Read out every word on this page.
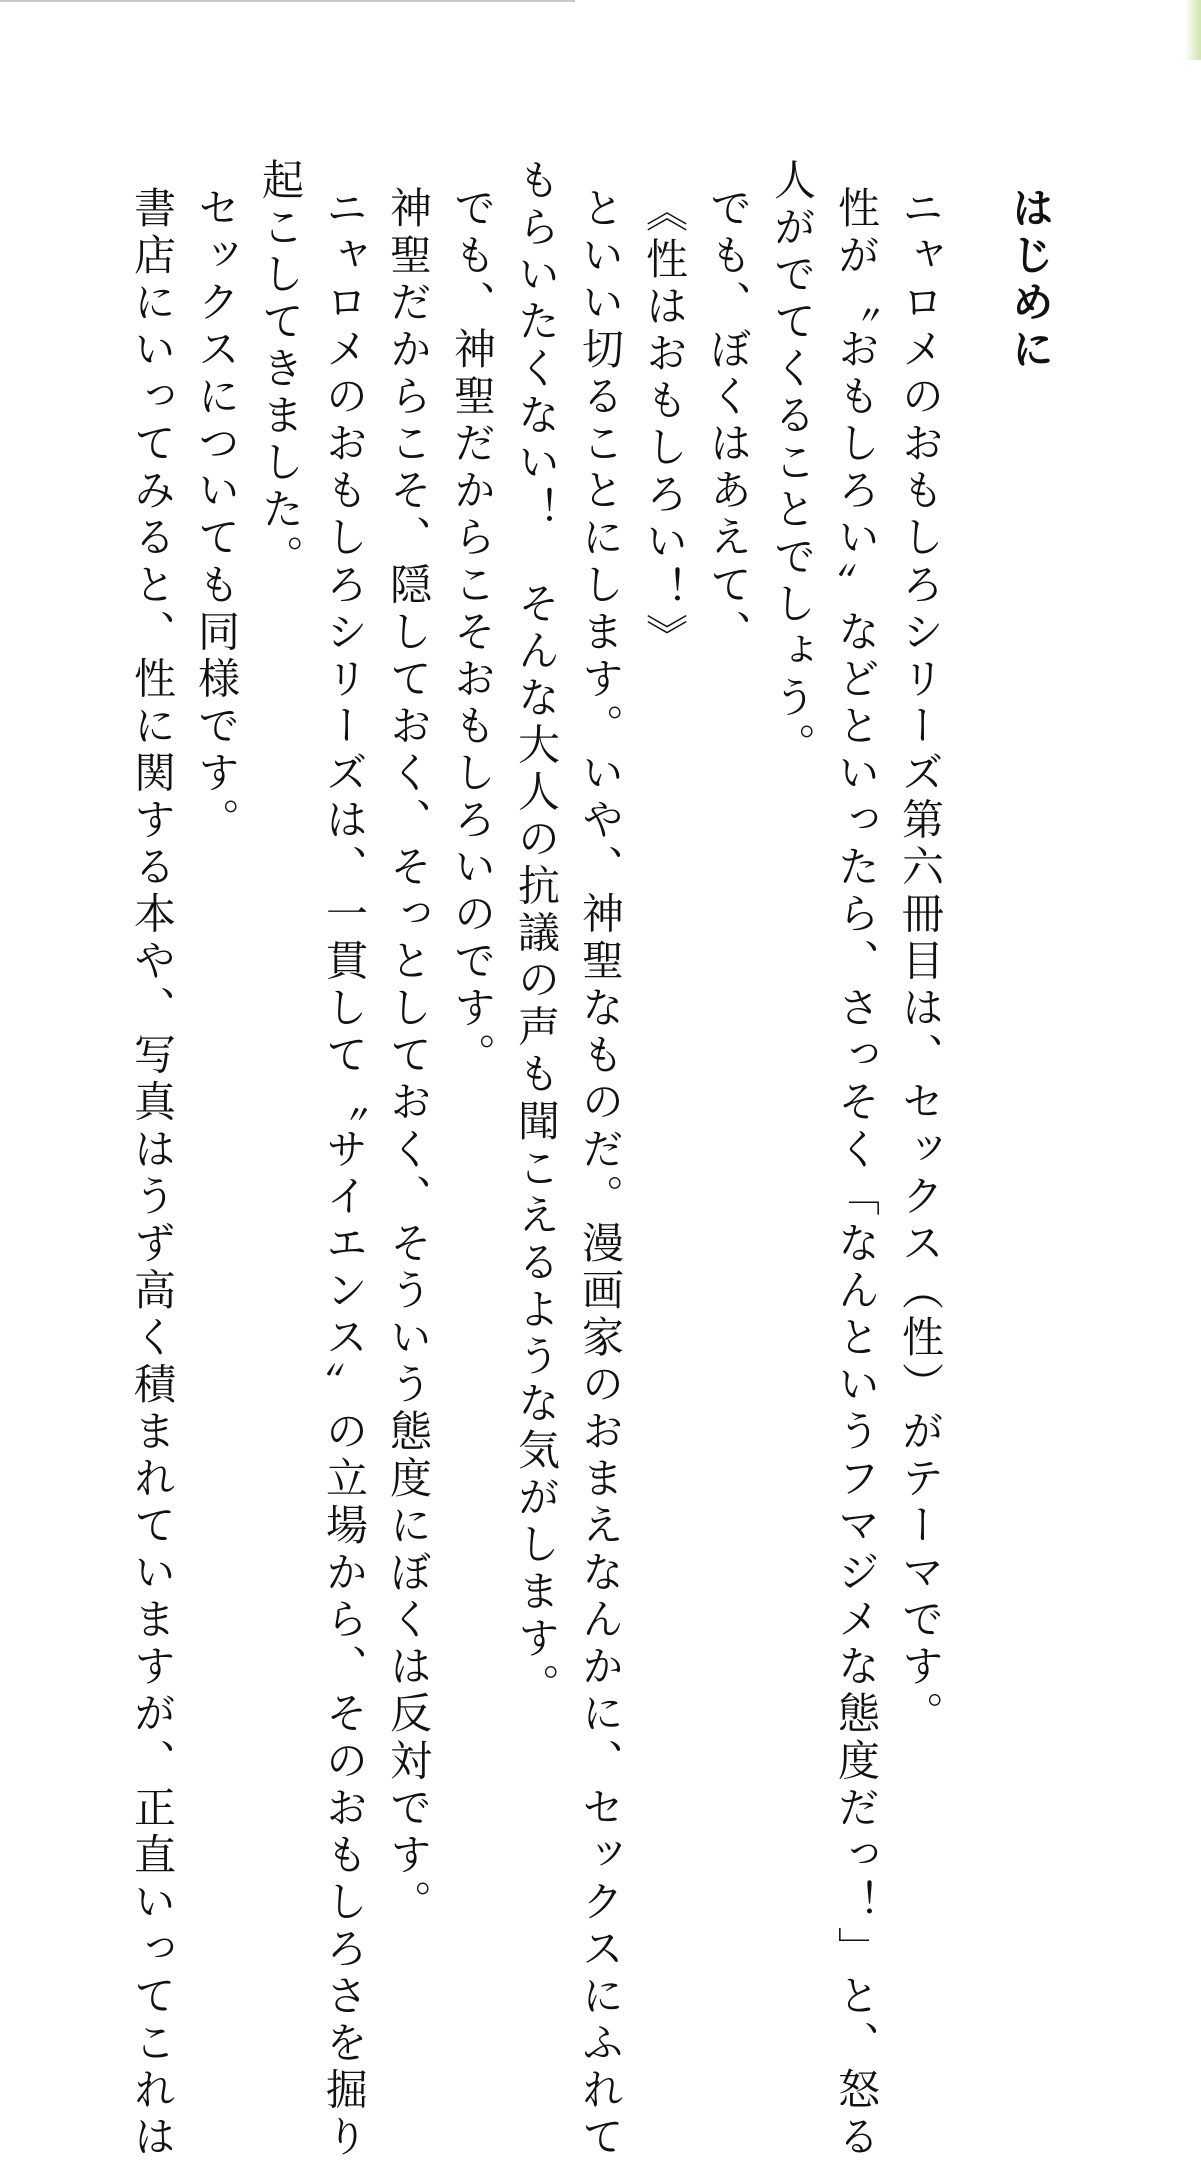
はじめに
ニャロメのおもしろシリーズ第六冊目は、セックス（性）がテーマです。
性が〝おもしろい〟などといったら、さっそく「なんというフマジメな態度だっ！」と、怒る
人がでてくることでしょう。
でも、ぼくはあえて、
《性はおもしろい！》
といい切ることにします。いや、神聖なものだ。漫画家のおまえなんかに、セックスにふれて
もらいたくない！　そんな大人の抗議の声も聞こえるような気がします。
でも、神聖だからこそおもしろいのです。
神聖だからこそ、隠しておく、そっとしておく、そういう態度にぼくは反対です。
ニャロメのおもしろシリーズは、一貫して〝サイエンス〟の立場から、そのおもしろさを掘り
起こしてきました。
セックスについても同様です。
書店にいってみると、性に関する本や、写真はうず高く積まれていますが、正直いってこれは
